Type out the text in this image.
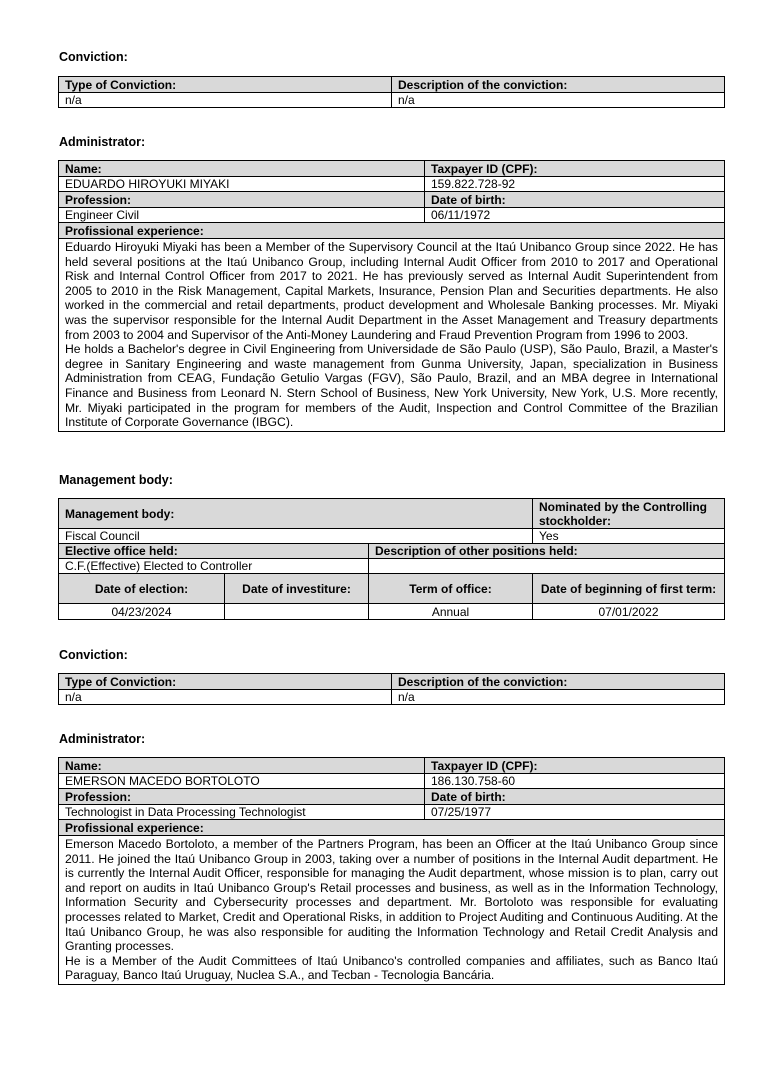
Conviction:
Type of Conviction:	Description of the conviction:
n/a	n/a
Administrator:
Name:	Taxpayer ID (CPF):
EDUARDO HIROYUKI MIYAKI	159.822.728-92
Profession:	Date of birth:
Engineer Civil	06/11/1972
Profissional experience:	

Eduardo Hiroyuki Miyaki has been a Member of the Supervisory Council at the Itaú Unibanco Group since 2022. He has held several positions at the Itaú Unibanco Group, including Internal Audit Officer from 2010 to 2017 and Operational Risk and Internal Control Officer from 2017 to 2021. He has previously served as Internal Audit Superintendent from 2005 to 2010 in the Risk Management, Capital Markets, Insurance, Pension Plan and Securities departments. He also worked in the commercial and retail departments, product development and Wholesale Banking processes. Mr. Miyaki was the supervisor responsible for the Internal Audit Department in the Asset Management and Treasury departments from 2003 to 2004 and Supervisor of the Anti-Money Laundering and Fraud Prevention Program from 1996 to 2003.

He holds a Bachelor's degree in Civil Engineering from Universidade de São Paulo (USP), São Paulo, Brazil, a Master's degree in Sanitary Engineering and waste management from Gunma University, Japan, specialization in Business Administration from CEAG, Fundação Getulio Vargas (FGV), São Paulo, Brazil, and an MBA degree in International Finance and Business from Leonard N. Stern School of Business, New York University, New York, U.S. More recently, Mr. Miyaki participated in the program for members of the Audit, Inspection and Control Committee of the Brazilian Institute of Corporate Governance (IBGC).	

Management body:
Management body:			Nominated by the Controlling stockholder:
Fiscal Council			Yes
Elective office held:		Description of other positions held:	
C.F.(Effective) Elected to Controller			
Date of election:	Date of investiture:	Term of office:	Date of beginning of first term:
04/23/2024		Annual	07/01/2022
Conviction:
Type of Conviction:	Description of the conviction:
n/a	n/a
Administrator:
Name:	Taxpayer ID (CPF):
EMERSON MACEDO BORTOLOTO	186.130.758-60
Profession:	Date of birth:
Technologist in Data Processing Technologist	07/25/1977
Profissional experience:	

Emerson Macedo Bortoloto, a member of the Partners Program, has been an Officer at the Itaú Unibanco Group since 2011. He joined the Itaú Unibanco Group in 2003, taking over a number of positions in the Internal Audit department. He is currently the Internal Audit Officer, responsible for managing the Audit department, whose mission is to plan, carry out and report on audits in Itaú Unibanco Group's Retail processes and business, as well as in the Information Technology, Information Security and Cybersecurity processes and department. Mr. Bortoloto was responsible for evaluating processes related to Market, Credit and Operational Risks, in addition to Project Auditing and Continuous Auditing. At the Itaú Unibanco Group, he was also responsible for auditing the Information Technology and Retail Credit Analysis and Granting processes.

He is a Member of the Audit Committees of Itaú Unibanco's controlled companies and affiliates, such as Banco Itaú Paraguay, Banco Itaú Uruguay, Nuclea S.A., and Tecban - Tecnologia Bancária.	
